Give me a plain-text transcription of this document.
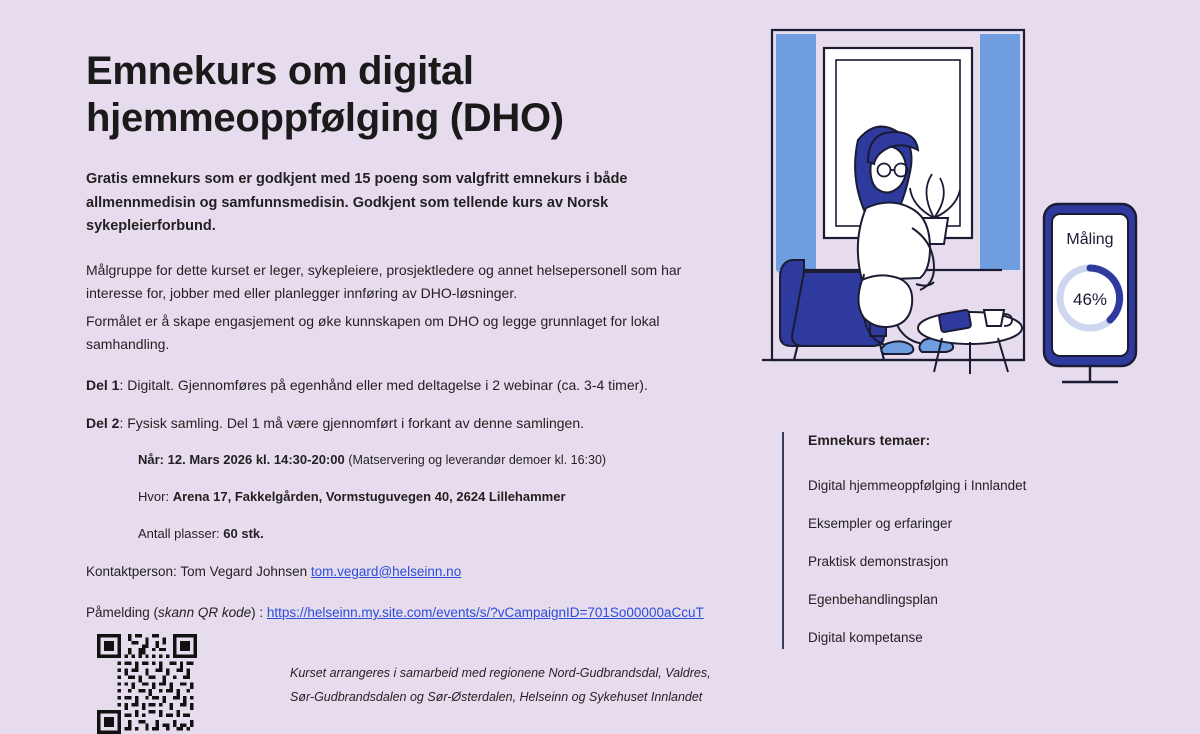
Emnekurs om digital hjemmeoppfølging (DHO)

Gratis emnekurs som er godkjent med 15 poeng som valgfritt emnekurs i både allmennmedisin og samfunnsmedisin. Godkjent som tellende kurs av Norsk sykepleierforbund.

Målgruppe for dette kurset er leger, sykepleiere, prosjektledere og annet helsepersonell som har interesse for, jobber med eller planlegger innføring av DHO-løsninger.

Formålet er å skape engasjement og øke kunnskapen om DHO og legge grunnlaget for lokal samhandling.

Del 1: Digitalt. Gjennomføres på egenhånd eller med deltagelse i 2 webinar (ca. 3-4 timer).

Del 2: Fysisk samling. Del 1 må være gjennomført i forkant av denne samlingen.

Når: 12. Mars 2026 kl. 14:30-20:00 (Matservering og leverandør demoer kl. 16:30)

Hvor: Arena 17, Fakkelgården, Vormstuguvegen 40, 2624 Lillehammer

Antall plasser: 60 stk.

Kontaktperson: Tom Vegard Johnsen tom.vegard@helseinn.no

Påmelding (skann QR kode) : https://helseinn.my.site.com/events/s/?vCampaignID=701So00000aCcuT

Kurset arrangeres i samarbeid med regionene Nord-Gudbrandsdal, Valdres,
Sør-Gudbrandsdalen og Sør-Østerdalen, Helseinn og Sykehuset Innlandet
Måling
46%

Emnekurs temaer:

Digital hjemmeoppfølging i Innlandet
Eksempler og erfaringer
Praktisk demonstrasjon
Egenbehandlingsplan
Digital kompetanse
